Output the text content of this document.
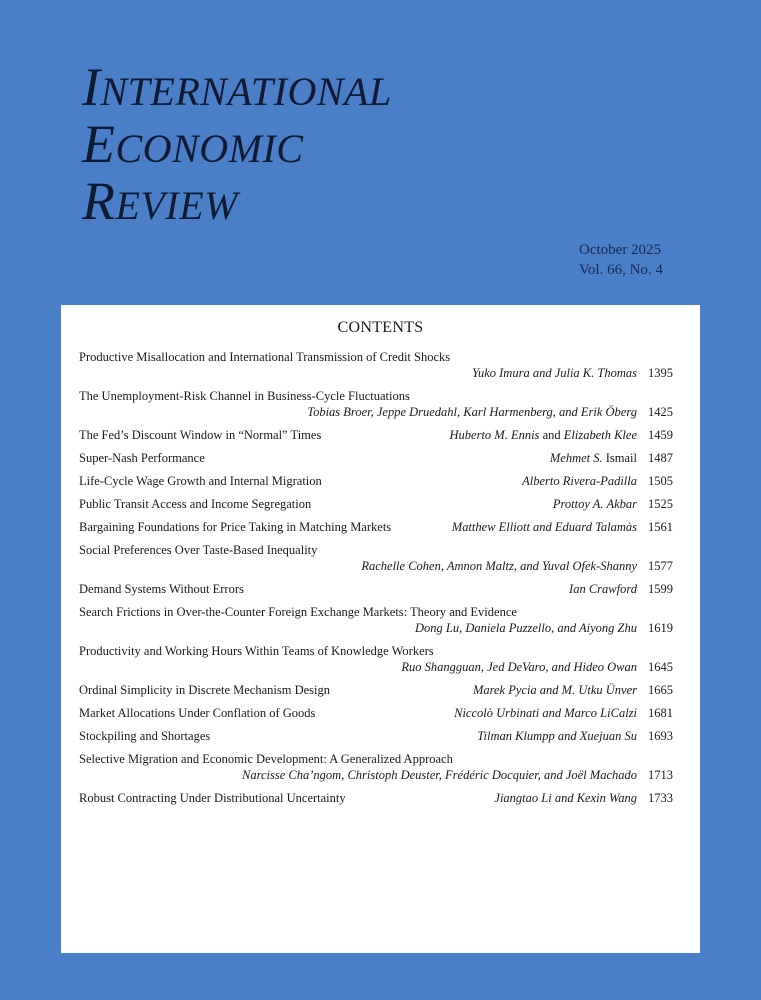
INTERNATIONAL
ECONOMIC
REVIEW
October 2025
Vol. 66, No. 4
CONTENTS
Productive Misallocation and International Transmission of Credit Shocks
Yuko Imura and Julia K. Thomas 1395
The Unemployment-Risk Channel in Business-Cycle Fluctuations
Tobias Broer, Jeppe Druedahl, Karl Harmenberg, and Erik Öberg 1425
The Fed’s Discount Window in “Normal” Times	Huberto M. Ennis and Elizabeth Klee 1459
Super-Nash Performance	Mehmet S. Ismail 1487
Life-Cycle Wage Growth and Internal Migration	Alberto Rivera-Padilla 1505
Public Transit Access and Income Segregation	Prottoy A. Akbar 1525
Bargaining Foundations for Price Taking in Matching Markets	Matthew Elliott and Eduard Talamàs 1561
Social Preferences Over Taste-Based Inequality
Rachelle Cohen, Amnon Maltz, and Yuval Ofek-Shanny 1577
Demand Systems Without Errors	Ian Crawford 1599
Search Frictions in Over-the-Counter Foreign Exchange Markets: Theory and Evidence
Dong Lu, Daniela Puzzello, and Aiyong Zhu 1619
Productivity and Working Hours Within Teams of Knowledge Workers
Ruo Shangguan, Jed DeVaro, and Hideo Owan 1645
Ordinal Simplicity in Discrete Mechanism Design	Marek Pycia and M. Utku Ünver 1665
Market Allocations Under Conflation of Goods	Niccolò Urbinati and Marco LiCalzi 1681
Stockpiling and Shortages	Tilman Klumpp and Xuejuan Su 1693
Selective Migration and Economic Development: A Generalized Approach
Narcisse Cha’ngom, Christoph Deuster, Frédéric Docquier, and Joël Machado 1713
Robust Contracting Under Distributional Uncertainty	Jiangtao Li and Kexin Wang 1733
